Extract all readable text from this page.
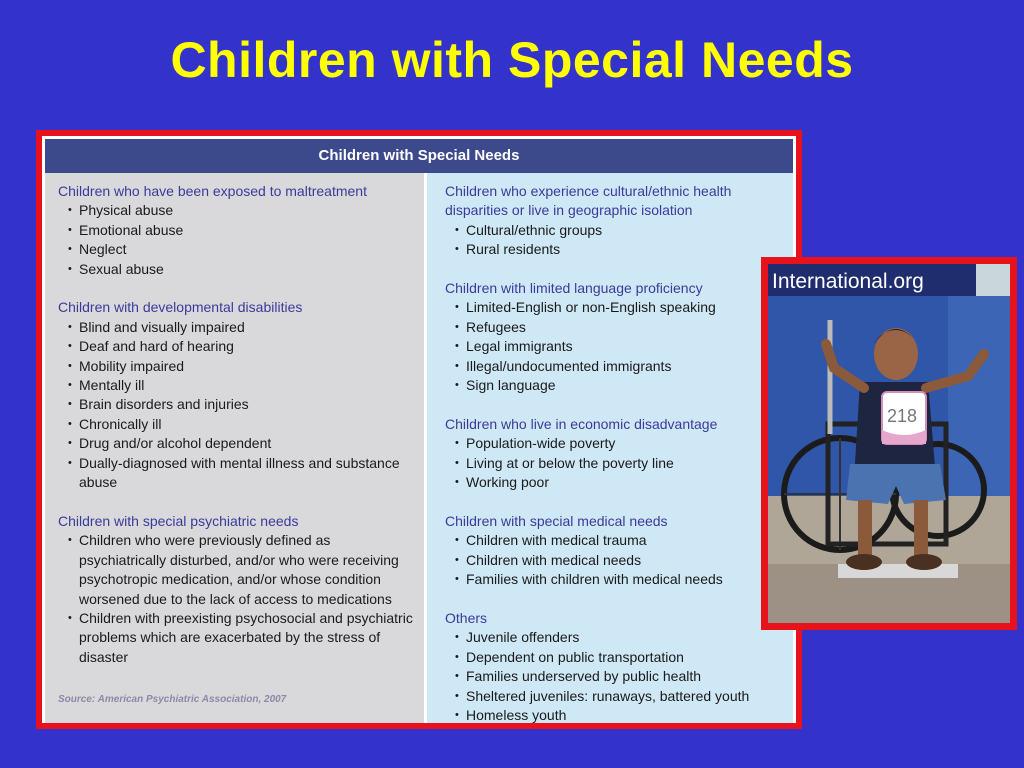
Children with Special Needs
Children with Special Needs
Children who have been exposed to maltreatment
• Physical abuse
• Emotional abuse
• Neglect
• Sexual abuse
Children with developmental disabilities
• Blind and visually impaired
• Deaf and hard of hearing
• Mobility impaired
• Mentally ill
• Brain disorders and injuries
• Chronically ill
• Drug and/or alcohol dependent
• Dually-diagnosed with mental illness and substance abuse
Children with special psychiatric needs
• Children who were previously defined as psychiatrically disturbed, and/or who were receiving psychotropic medication, and/or whose condition worsened due to the lack of access to medications
• Children with preexisting psychosocial and psychiatric problems which are exacerbated by the stress of disaster
Source: American Psychiatric Association, 2007
Children who experience cultural/ethnic health disparities or live in geographic isolation
• Cultural/ethnic groups
• Rural residents
Children with limited language proficiency
• Limited-English or non-English speaking
• Refugees
• Legal immigrants
• Illegal/undocumented immigrants
• Sign language
Children who live in economic disadvantage
• Population-wide poverty
• Living at or below the poverty line
• Working poor
Children with special medical needs
• Children with medical trauma
• Children with medical needs
• Families with children with medical needs
Others
• Juvenile offenders
• Dependent on public transportation
• Families underserved by public health
• Sheltered juveniles: runaways, battered youth
• Homeless youth
International.org
218
